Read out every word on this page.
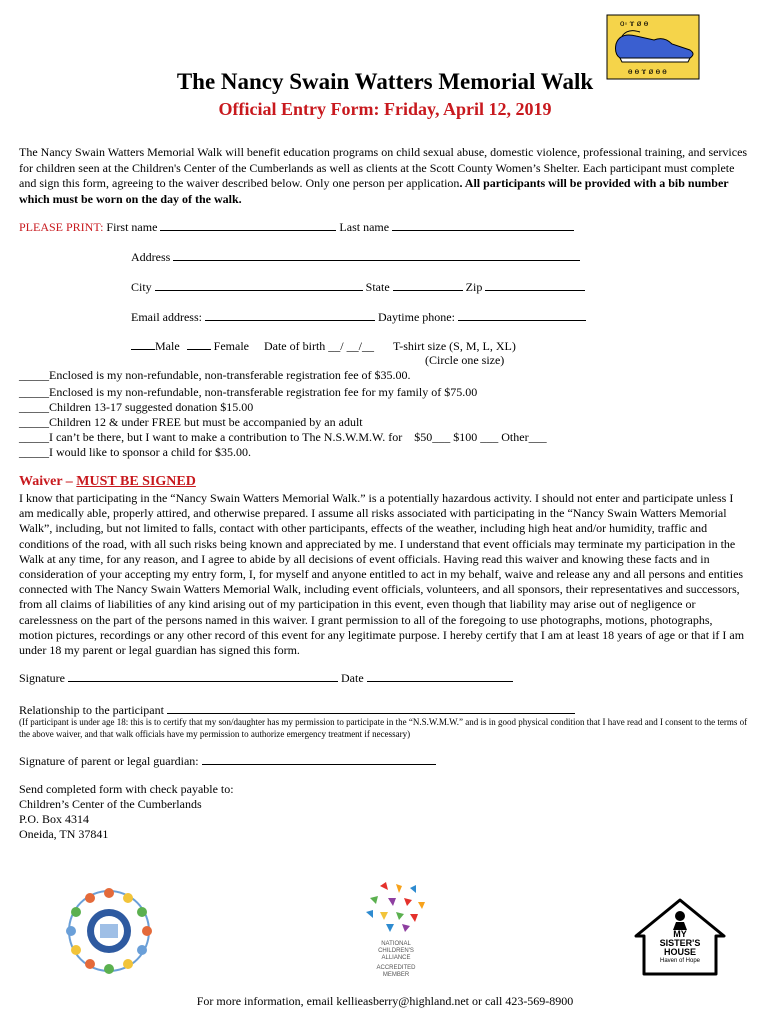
o◦ ɤ ø ɵ
ɵ ɵ ɤ ø ɵ ɵ
The Nancy Swain Watters Memorial Walk
Official Entry Form: Friday, April 12, 2019
The Nancy Swain Watters Memorial Walk will benefit education programs on child sexual abuse, domestic violence, professional training, and services for children seen at the Children's Center of the Cumberlands as well as clients at the Scott County Women’s Shelter. Each participant must complete and sign this form, agreeing to the waiver described below. Only one person per application. All participants will be provided with a bib number which must be worn on the day of the walk.
PLEASE PRINT: First name	Last name
Address
City	State	Zip
Email address:	Daytime phone:
Male	Female Date of birth __/ __/__ T-shirt size (S, M, L, XL)
(Circle one size)
_____Enclosed is my non-refundable, non-transferable registration fee of $35.00.
_____Enclosed is my non-refundable, non-transferable registration fee for my family of $75.00
_____Children 13-17 suggested donation $15.00
_____Children 12 & under FREE but must be accompanied by an adult
_____I can’t be there, but I want to make a contribution to The N.S.W.M.W. for    $50___ $100 ___ Other___
_____I would like to sponsor a child for $35.00.
Waiver – MUST BE SIGNED
I know that participating in the “Nancy Swain Watters Memorial Walk.” is a potentially hazardous activity. I should not enter and participate unless I am medically able, properly attired, and otherwise prepared. I assume all risks associated with participating in the “Nancy Swain Watters Memorial Walk”, including, but not limited to falls, contact with other participants, effects of the weather, including high heat and/or humidity, traffic and conditions of the road, with all such risks being known and appreciated by me. I understand that event officials may terminate my participation in the Walk at any time, for any reason, and I agree to abide by all decisions of event officials. Having read this waiver and knowing these facts and in consideration of your accepting my entry form, I, for myself and anyone entitled to act in my behalf, waive and release any and all persons and entities connected with The Nancy Swain Watters Memorial Walk, including event officials, volunteers, and all sponsors, their representatives and successors, from all claims of liabilities of any kind arising out of my participation in this event, even though that liability may arise out of negligence or carelessness on the part of the persons named in this waiver. I grant permission to all of the foregoing to use photographs, motions, photographs, motion pictures, recordings or any other record of this event for any legitimate purpose. I hereby certify that I am at least 18 years of age or that if I am under 18 my parent or legal guardian has signed this form.
Signature	Date
Relationship to the participant
(If participant is under age 18: this is to certify that my son/daughter has my permission to participate in the “N.S.W.M.W.” and is in good physical condition that I have read and I consent to the terms of the above waiver, and that walk officials have my permission to authorize emergency treatment if necessary)
Signature of parent or legal guardian:
Send completed form with check payable to:
Children’s Center of the Cumberlands
P.O. Box 4314
Oneida, TN 37841
NATIONAL
CHILDREN'S
ALLIANCE
ACCREDITED
MEMBER
MY
SISTER'S
HOUSE
Haven of Hope
For more information, email kellieasberry@highland.net or call 423-569-8900
